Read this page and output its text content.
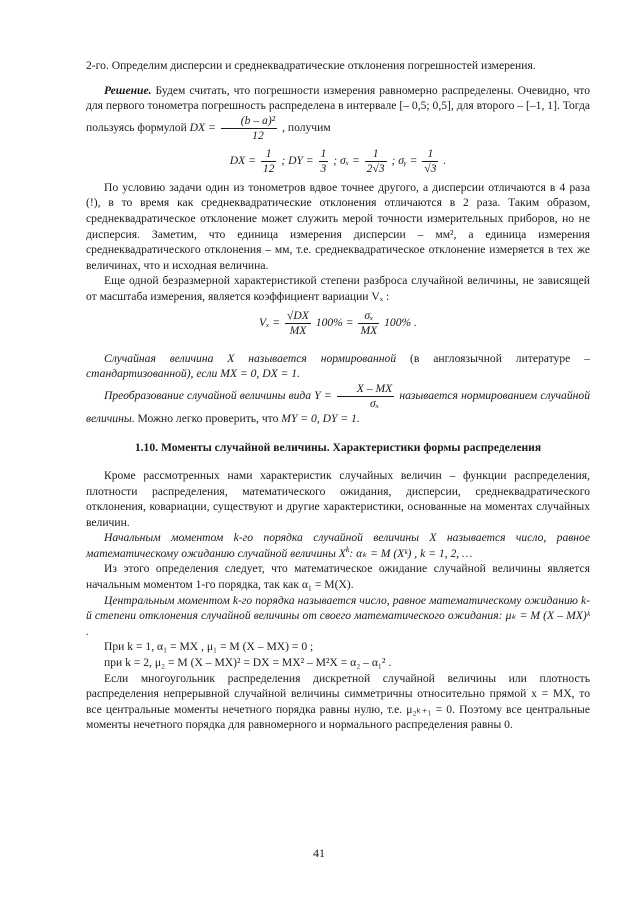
2-го. Определим дисперсии и среднеквадратические отклонения погрешностей измерения.

Решение. Будем считать, что погрешности измерения равномерно распределены. Очевидно, что для первого тонометра погрешность распределена в интервале [– 0,5; 0,5], для второго – [–1, 1]. Тогда пользуясь формулой DX = $\frac{\text{(b – a)²}}{12}$ , получим

DX = $\frac{1}{12}$ ; DY = $\frac{1}{3}$ ; $\sigma_x = \frac{1}{2√3}$ ; σᵧ = $\frac{1}{√3}$ .

По условию задачи один из тонометров вдвое точнее другого, а дисперсии отличаются в 4 раза (!), в то время как среднеквадратические отклонения отличаются в 2 раза. Таким образом, среднеквадратическое отклонение может служить мерой точности измерительных приборов, но не дисперсия. Заметим, что единица измерения дисперсии – мм², а единица измерения среднеквадратического отклонения – мм, т.е. среднеквадратическое отклонение измеряется в тех же величинах, что и исходная величина.

Еще одной безразмерной характеристикой степени разброса случайной величины, не зависящей от масштаба измерения, является коэффициент вариации Vₓ :

$V_x = \frac{√DX}{MX} 100\% = \frac{\text{σₓ}}{MX} 100\%$ .

Случайная величина X называется нормированной (в англоязычной литературе – стандартизованной), если MX = 0, DX = 1.

Преобразование случайной величины вида $Y = \frac{X - MX}{\text{σₓ}}$ называется нормированием случайной величины. Можно легко проверить, что MY = 0, DY = 1.

1.10. Моменты случайной величины. Характеристики формы распределения

Кроме рассмотренных нами характеристик случайных величин – функции распределения, плотности распределения, математического ожидания, дисперсии, среднеквадратического отклонения, ковариации, существуют и другие характеристики, основанные на моментах случайных величин.

Начальным моментом k-го порядка случайной величины X называется число, равное математическому ожиданию случайной величины $X^k$: αₖ = M (Xᵏ) , k = 1, 2, …

Из этого определения следует, что математическое ожидание случайной величины является начальным моментом 1-го порядка, так как α₁ = M(X).

Центральным моментом k-го порядка называется число, равное математическому ожиданию k-й степени отклонения случайной величины от своего математического ожидания: μₖ = M (X – MX)ᵏ .

При k = 1, α₁ = MX , μ₁ = M (X – MX) = 0 ;

при k = 2, μ₂ = M (X – MX)² = DX = MX² – M²X = α₂ – α₁² .

Если многоугольник распределения дискретной случайной величины или плотность распределения непрерывной случайной величины симметричны относительно прямой x = MX, то все центральные моменты нечетного порядка равны нулю, т.е. μ₂ₖ₊₁ = 0. Поэтому все центральные моменты нечетного порядка для равномерного и нормального распределения равны 0.

41
